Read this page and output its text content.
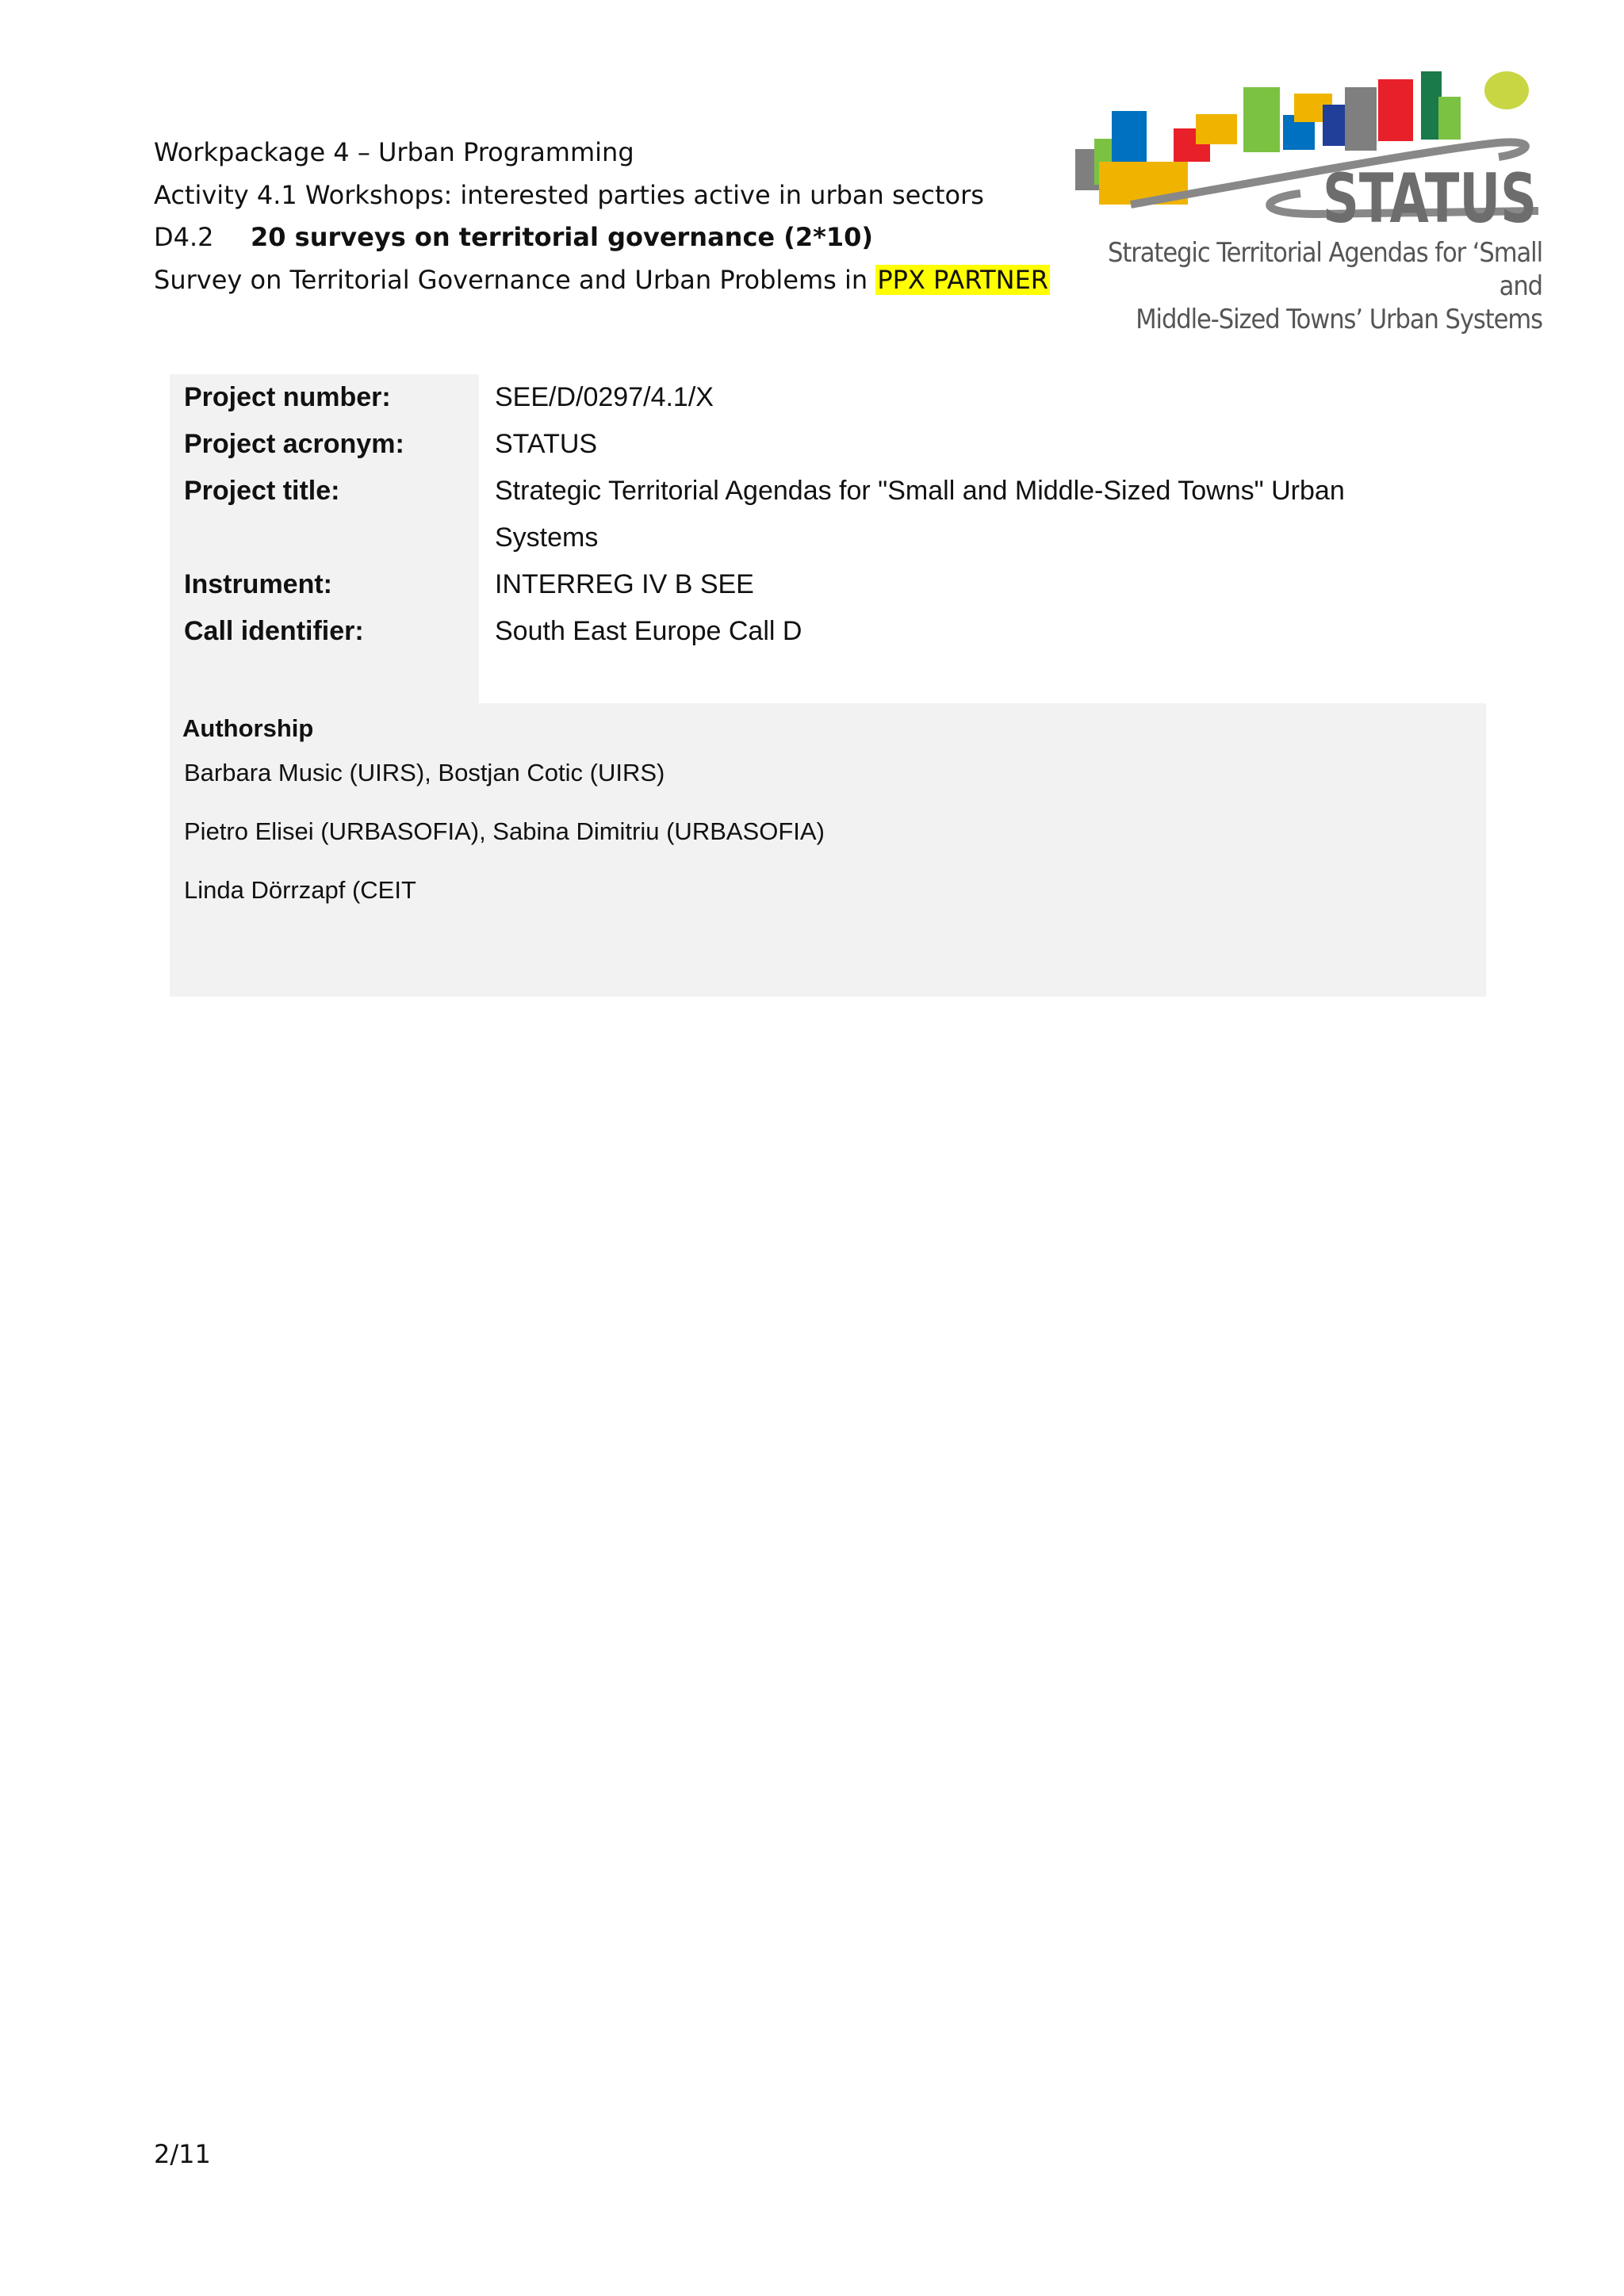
Workpackage 4 – Urban Programming
Activity 4.1 Workshops: interested parties active in urban sectors
D4.2 20 surveys on territorial governance (2*10)
Survey on Territorial Governance and Urban Problems in PPX PARTNER
STATUS
Strategic Territorial Agendas for ‘Small and
Middle-Sized Towns’ Urban Systems
Project number:	SEE/D/0297/4.1/X
Project acronym:	STATUS
Project title:	Strategic Territorial Agendas for "Small and Middle-Sized Towns" Urban Systems
Instrument:	INTERREG IV B SEE
Call identifier:	South East Europe Call D
Authorship
Barbara Music (UIRS), Bostjan Cotic (UIRS)
Pietro Elisei (URBASOFIA), Sabina Dimitriu (URBASOFIA)
Linda Dörrzapf (CEIT
2/11
